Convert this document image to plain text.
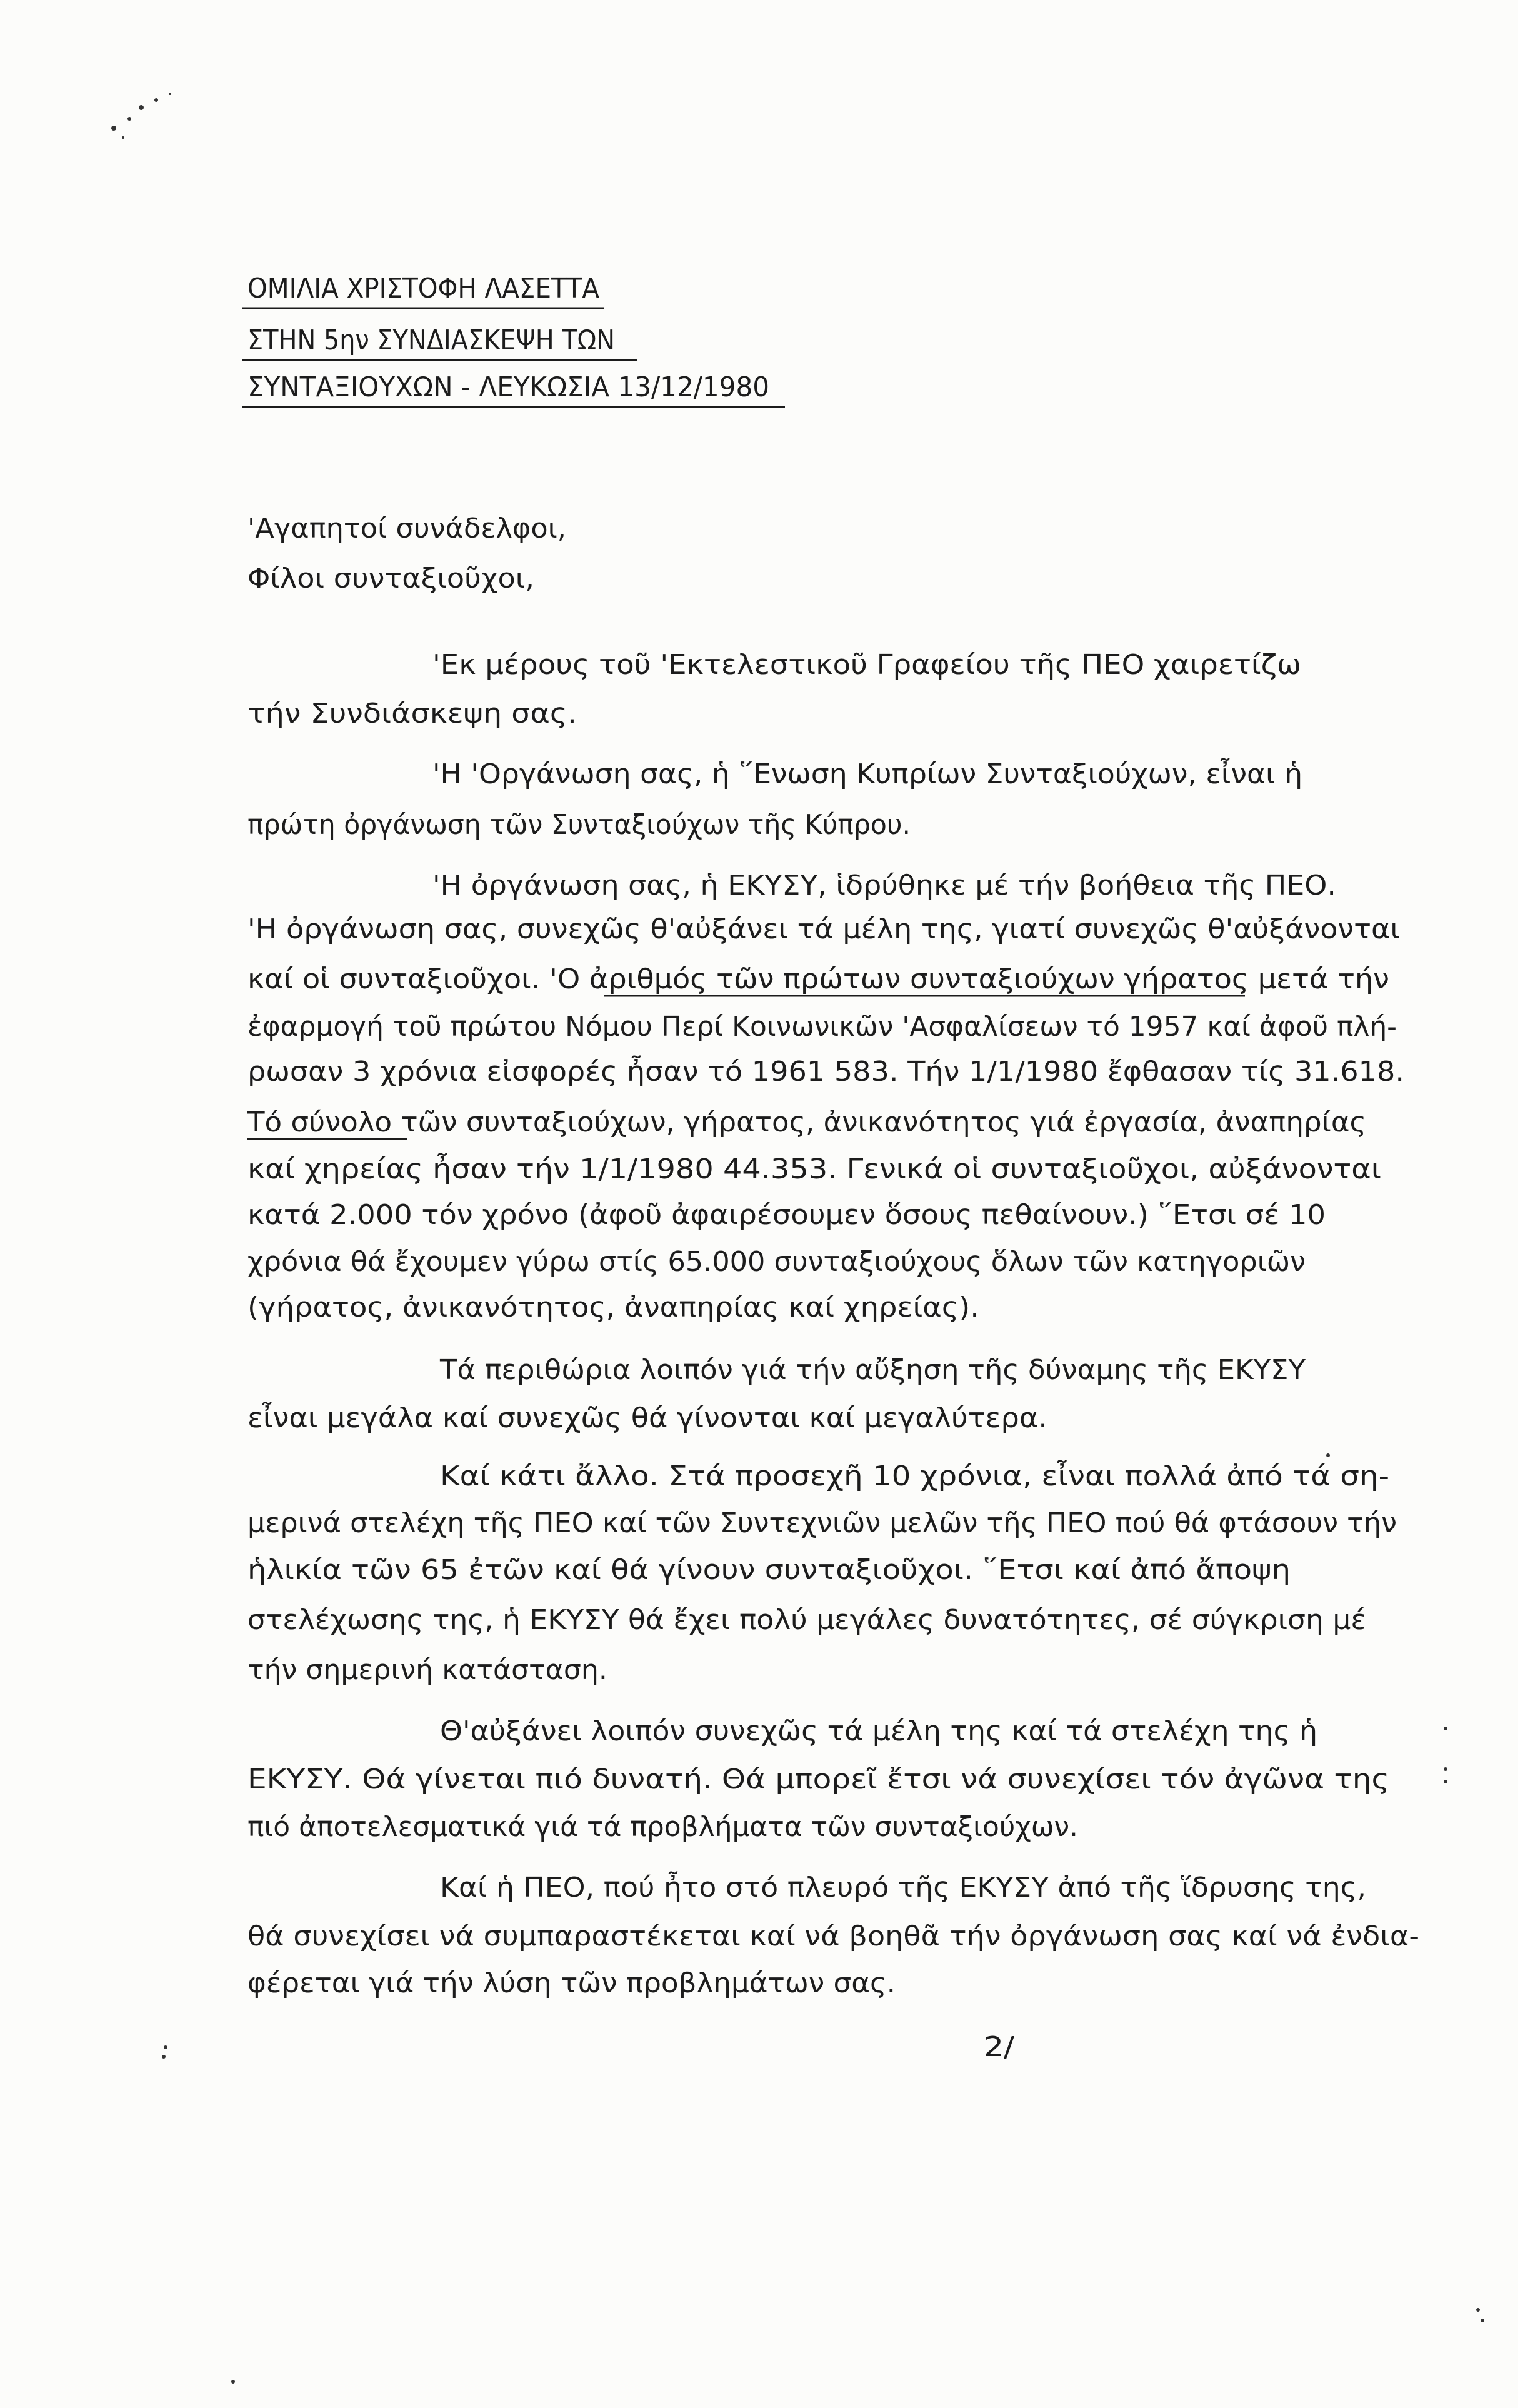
ΟΜΙΛΙΑ ΧΡΙΣΤΟΦΗ ΛΑΣΕΤΤΑ
ΣΤΗΝ 5ην ΣΥΝΔΙΑΣΚΕΨΗ ΤΩΝ
ΣΥΝΤΑΞΙΟΥΧΩΝ - ΛΕΥΚΩΣΙΑ 13/12/1980
'Αγαπητοί συνάδελφοι,
Φίλοι συνταξιοῦχοι,
'Εκ μέρους τοῦ 'Εκτελεστικοῦ Γραφείου τῆς ΠΕΟ χαιρετίζω
τήν Συνδιάσκεψη σας.
'Η 'Οργάνωση σας, ἡ ῞Ενωση Κυπρίων Συνταξιούχων, εἶναι ἡ
πρώτη ὀργάνωση τῶν Συνταξιούχων τῆς Κύπρου.
'Η ὀργάνωση σας, ἡ ΕΚΥΣΥ, ἱδρύθηκε μέ τήν βοήθεια τῆς ΠΕΟ.
'Η ὀργάνωση σας, συνεχῶς θ'αὐξάνει τά μέλη της, γιατί συνεχῶς θ'αὐξάνονται
καί οἱ συνταξιοῦχοι. 'Ο ἀριθμός τῶν πρώτων συνταξιούχων γήρατος μετά τήν
ἐφαρμογή τοῦ πρώτου Νόμου Περί Κοινωνικῶν 'Ασφαλίσεων τό 1957 καί ἀφοῦ πλή-
ρωσαν 3 χρόνια εἰσφορές ἦσαν τό 1961 583. Τήν 1/1/1980 ἔφθασαν τίς 31.618.
Τό σύνολο τῶν συνταξιούχων, γήρατος, ἀνικανότητος γιά ἐργασία, ἀναπηρίας
καί χηρείας ἦσαν τήν 1/1/1980 44.353. Γενικά οἱ συνταξιοῦχοι, αὐξάνονται
κατά 2.000 τόν χρόνο (ἀφοῦ ἀφαιρέσουμεν ὅσους πεθαίνουν.) ῞Ετσι σέ 10
χρόνια θά ἔχουμεν γύρω στίς 65.000 συνταξιούχους ὅλων τῶν κατηγοριῶν
(γήρατος, ἀνικανότητος, ἀναπηρίας καί χηρείας).
Τά περιθώρια λοιπόν γιά τήν αὔξηση τῆς δύναμης τῆς ΕΚΥΣΥ
εἶναι μεγάλα καί συνεχῶς θά γίνονται καί μεγαλύτερα.
Καί κάτι ἄλλο. Στά προσεχῆ 10 χρόνια, εἶναι πολλά ἀπό τά ση-
μερινά στελέχη τῆς ΠΕΟ καί τῶν Συντεχνιῶν μελῶν τῆς ΠΕΟ πού θά φτάσουν τήν
ἡλικία τῶν 65 ἐτῶν καί θά γίνουν συνταξιοῦχοι. ῞Ετσι καί ἀπό ἄποψη
στελέχωσης της, ἡ ΕΚΥΣΥ θά ἔχει πολύ μεγάλες δυνατότητες, σέ σύγκριση μέ
τήν σημερινή κατάσταση.
Θ'αὐξάνει λοιπόν συνεχῶς τά μέλη της καί τά στελέχη της ἡ
ΕΚΥΣΥ. Θά γίνεται πιό δυνατή. Θά μπορεῖ ἔτσι νά συνεχίσει τόν ἀγῶνα της
πιό ἀποτελεσματικά γιά τά προβλήματα τῶν συνταξιούχων.
Καί ἡ ΠΕΟ, πού ἦτο στό πλευρό τῆς ΕΚΥΣΥ ἀπό τῆς ἵδρυσης της,
θά συνεχίσει νά συμπαραστέκεται καί νά βοηθᾶ τήν ὀργάνωση σας καί νά ἐνδια-
φέρεται γιά τήν λύση τῶν προβλημάτων σας.
2/
